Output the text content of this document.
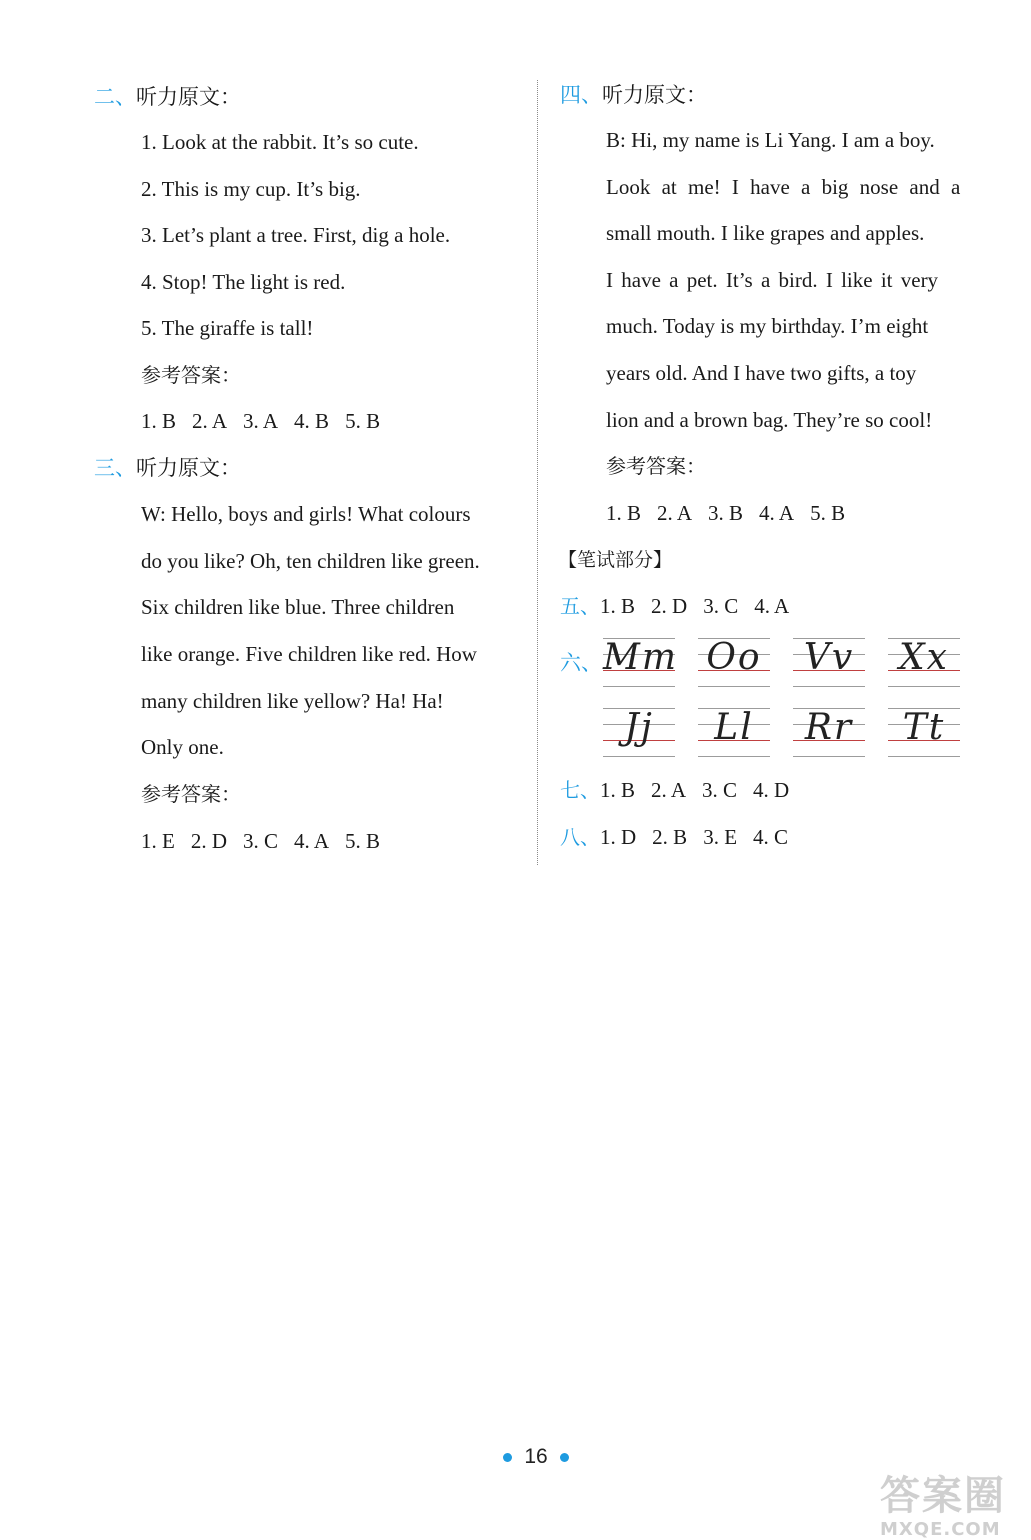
二、听力原文：
1. Look at the rabbit. It’s so cute.
2. This is my cup. It’s big.
3. Let’s plant a tree. First, dig a hole.
4. Stop! The light is red.
5. The giraffe is tall!
参考答案：
1. B 2. A 3. A 4. B 5. B
三、听力原文：
W: Hello, boys and girls! What colours
do you like? Oh, ten children like green.
Six children like blue. Three children
like orange. Five children like red. How
many children like yellow? Ha! Ha!
Only one.
参考答案：
1. E 2. D 3. C 4. A 5. B
四、听力原文：
B: Hi, my name is Li Yang. I am a boy.
Look at me! I have a big nose and a
small mouth. I like grapes and apples.
I have a pet. It’s a bird. I like it very
much. Today is my birthday. I’m eight
years old. And I have two gifts, a toy
lion and a brown bag. They’re so cool!
参考答案：
1. B 2. A 3. B 4. A 5. B
【笔试部分】
五、1. B 2. D 3. C 4. A
六、 Mm Oo	Vv	Xx
Jj	Ll	Rr	Tt
七、1. B 2. A 3. C 4. D
八、1. D 2. B 3. E 4. C
16
答案圈
MXQE.COM
